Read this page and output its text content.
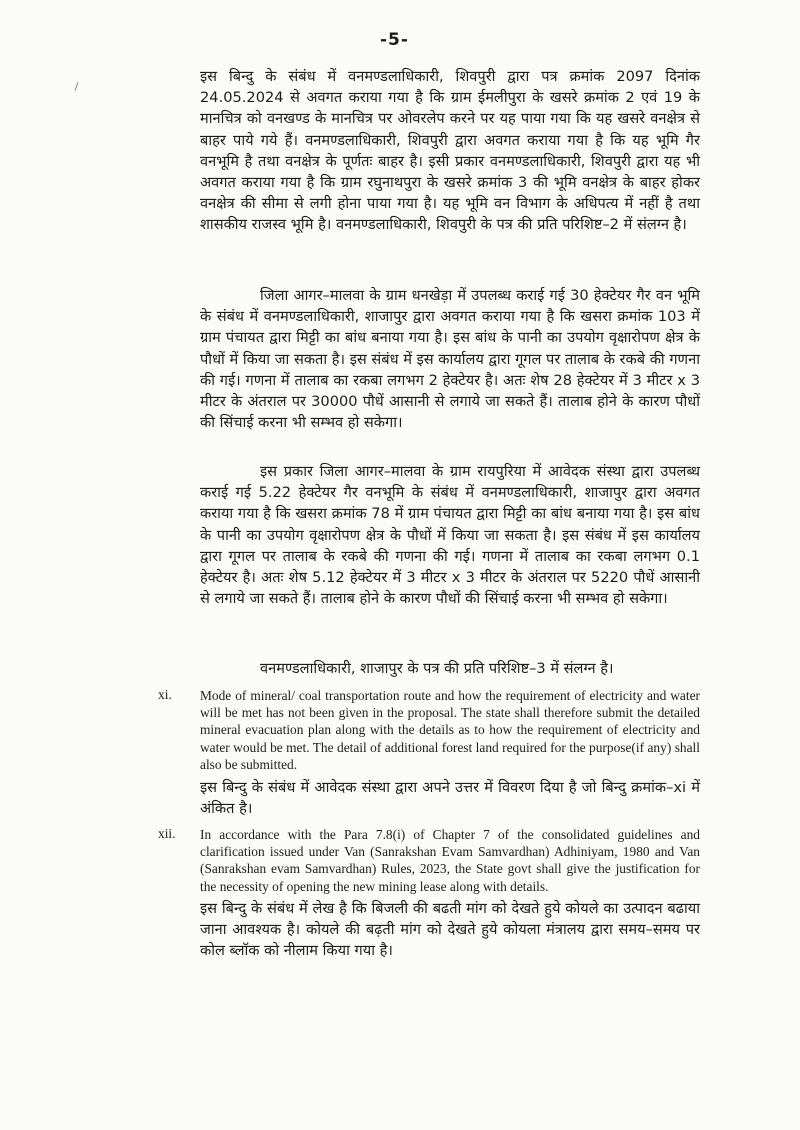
-5-

इस बिन्दु के संबंध में वनमण्डलाधिकारी, शिवपुरी द्वारा पत्र क्रमांक 2097 दिनांक 24.05.2024 से अवगत कराया गया है कि ग्राम ईमलीपुरा के खसरे क्रमांक 2 एवं 19 के मानचित्र को वनखण्ड के मानचित्र पर ओवरलेप करने पर यह पाया गया कि यह खसरे वनक्षेत्र से बाहर पाये गये हैं। वनमण्डलाधिकारी, शिवपुरी द्वारा अवगत कराया गया है कि यह भूमि गैर वनभूमि है तथा वनक्षेत्र के पूर्णतः बाहर है। इसी प्रकार वनमण्डलाधिकारी, शिवपुरी द्वारा यह भी अवगत कराया गया है कि ग्राम रघुनाथपुरा के खसरे क्रमांक 3 की भूमि वनक्षेत्र के बाहर होकर वनक्षेत्र की सीमा से लगी होना पाया गया है। यह भूमि वन विभाग के अधिपत्य में नहीं है तथा शासकीय राजस्व भूमि है। वनमण्डलाधिकारी, शिवपुरी के पत्र की प्रति परिशिष्ट–2 में संलग्न है।

जिला आगर–मालवा के ग्राम धनखेड़ा में उपलब्ध कराई गई 30 हेक्टेयर गैर वन भूमि के संबंध में वनमण्डलाधिकारी, शाजापुर द्वारा अवगत कराया गया है कि खसरा क्रमांक 103 में ग्राम पंचायत द्वारा मिट्टी का बांध बनाया गया है। इस बांध के पानी का उपयोग वृक्षारोपण क्षेत्र के पौधों में किया जा सकता है। इस संबंध में इस कार्यालय द्वारा गूगल पर तालाब के रकबे की गणना की गई। गणना में तालाब का रकबा लगभग 2 हेक्टेयर है। अतः शेष 28 हेक्टेयर में 3 मीटर x 3 मीटर के अंतराल पर 30000 पौधें आसानी से लगाये जा सकते हैं। तालाब होने के कारण पौधों की सिंचाई करना भी सम्भव हो सकेगा।

इस प्रकार जिला आगर–मालवा के ग्राम रायपुरिया में आवेदक संस्था द्वारा उपलब्ध कराई गई 5.22 हेक्टेयर गैर वनभूमि के संबंध में वनमण्डलाधिकारी, शाजापुर द्वारा अवगत कराया गया है कि खसरा क्रमांक 78 में ग्राम पंचायत द्वारा मिट्टी का बांध बनाया गया है। इस बांध के पानी का उपयोग वृक्षारोपण क्षेत्र के पौधों में किया जा सकता है। इस संबंध में इस कार्यालय द्वारा गूगल पर तालाब के रकबे की गणना की गई। गणना में तालाब का रकबा लगभग 0.1 हेक्टेयर है। अतः शेष 5.12 हेक्टेयर में 3 मीटर x 3 मीटर के अंतराल पर 5220 पौधें आसानी से लगाये जा सकते हैं। तालाब होने के कारण पौधों की सिंचाई करना भी सम्भव हो सकेगा।

वनमण्डलाधिकारी, शाजापुर के पत्र की प्रति परिशिष्ट–3 में संलग्न है।

xi. Mode of mineral/ coal transportation route and how the requirement of electricity and water will be met has not been given in the proposal. The state shall therefore submit the detailed mineral evacuation plan along with the details as to how the requirement of electricity and water would be met. The detail of additional forest land required for the purpose(if any) shall also be submitted.

इस बिन्दु के संबंध में आवेदक संस्था द्वारा अपने उत्तर में विवरण दिया है जो बिन्दु क्रमांक–xi में अंकित है।

xii. In accordance with the Para 7.8(i) of Chapter 7 of the consolidated guidelines and clarification issued under Van (Sanrakshan Evam Samvardhan) Adhiniyam, 1980 and Van (Sanrakshan evam Samvardhan) Rules, 2023, the State govt shall give the justification for the necessity of opening the new mining lease along with details.

इस बिन्दु के संबंध में लेख है कि बिजली की बढती मांग को देखते हुये कोयले का उत्पादन बढाया जाना आवश्यक है। कोयले की बढ़ती मांग को देखते हुये कोयला मंत्रालय द्वारा समय–समय पर कोल ब्लॉक को नीलाम किया गया है।
